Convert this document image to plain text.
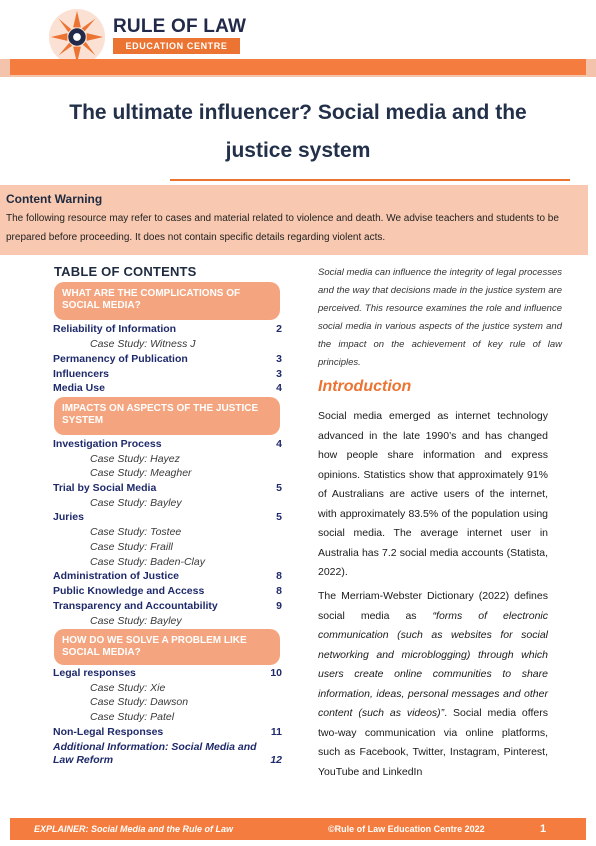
RULE OF LAW
EDUCATION CENTRE
The ultimate influencer? Social media and the
justice system
Content Warning
The following resource may refer to cases and material related to violence and death. We advise teachers and students to be
prepared before proceeding. It does not contain specific details regarding violent acts.
TABLE OF CONTENTS
WHAT ARE THE COMPLICATIONS OF SOCIAL MEDIA?
Reliability of Information	2
Case Study: Witness J
Permanency of Publication	3
Influencers	3
Media Use	4
IMPACTS ON ASPECTS OF THE JUSTICE SYSTEM
Investigation Process	4
Case Study: Hayez
Case Study: Meagher
Trial by Social Media	5
Case Study: Bayley
Juries	5
Case Study: Tostee
Case Study: Fraill
Case Study: Baden-Clay
Administration of Justice	8
Public Knowledge and Access	8
Transparency and Accountability	9
Case Study: Bayley
HOW DO WE SOLVE A PROBLEM LIKE SOCIAL MEDIA?
Legal responses	10
Case Study: Xie
Case Study: Dawson
Case Study: Patel
Non-Legal Responses	11
Additional Information: Social Media and
Law Reform	12
Social media can influence the integrity of legal processes and the way that decisions made in the justice system are perceived. This resource examines the role and influence social media in various aspects of the justice system and the impact on the achievement of key rule of law principles.
Introduction
Social media emerged as internet technology advanced in the late 1990’s and has changed how people share information and express opinions. Statistics show that approximately 91% of Australians are active users of the internet, with approximately 83.5% of the population using social media. The average internet user in Australia has 7.2 social media accounts (Statista, 2022).
The Merriam-Webster Dictionary (2022) defines social media as “forms of electronic communication (such as websites for social networking and microblogging) through which users create online communities to share information, ideas, personal messages and other content (such as videos)”. Social media offers two-way communication via online platforms, such as Facebook, Twitter, Instagram, Pinterest, YouTube and LinkedIn
EXPLAINER: Social Media and the Rule of Law	©Rule of Law Education Centre 2022	1
